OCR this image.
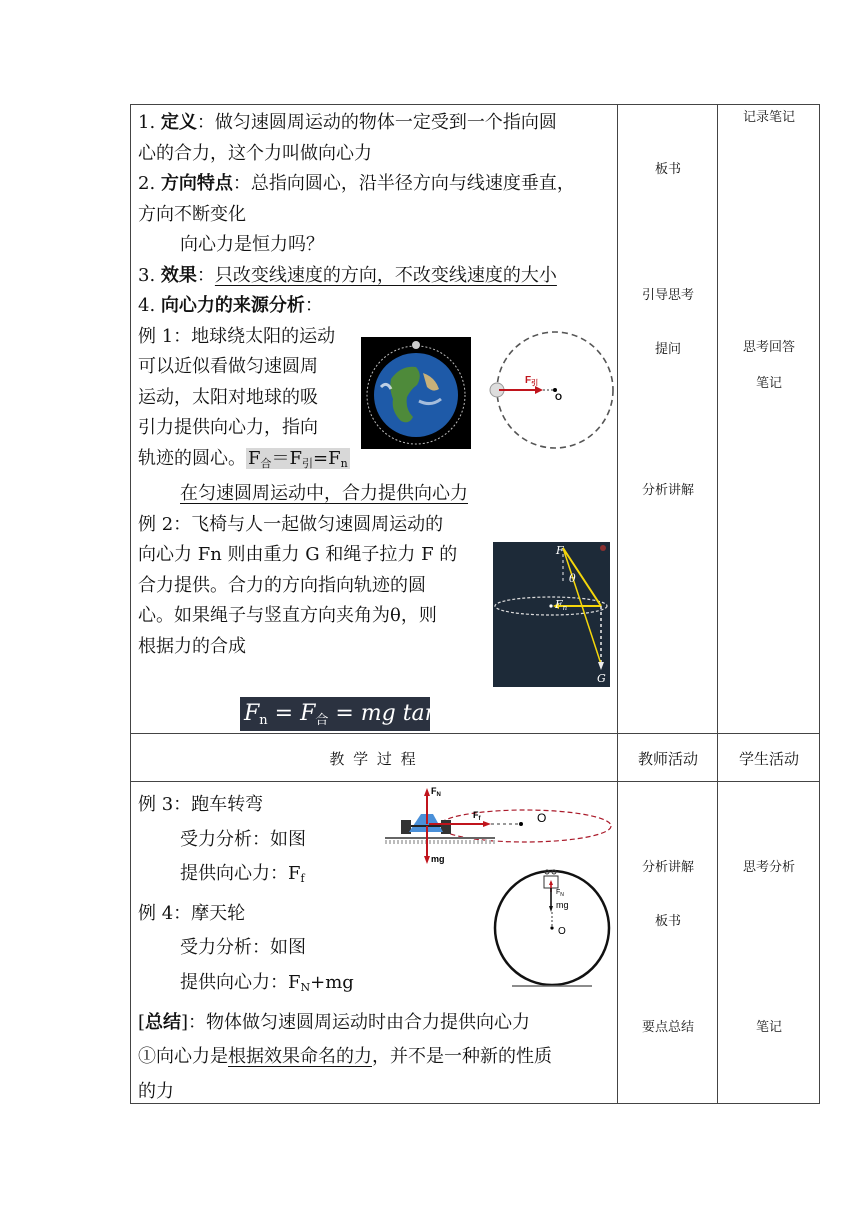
1. 定义：做匀速圆周运动的物体一定受到一个指向圆

心的合力，这个力叫做向心力

2. 方向特点：总指向圆心，沿半径方向与线速度垂直，

方向不断变化

向心力是恒力吗？

3. 效果：只改变线速度的方向，不改变线速度的大小

4. 向心力的来源分析：

例 1：地球绕太阳的运动

可以近似看做匀速圆周

运动，太阳对地球的吸

引力提供向心力，指向

轨迹的圆心。 $F_合=F_引=F_n$

在匀速圆周运动中，合力提供向心力

例 2：飞椅与人一起做匀速圆周运动的

向心力 Fn 则由重力 G 和绳子拉力 F 的

合力提供。合力的方向指向轨迹的圆

心。如果绳子与竖直方向夹角为θ，则

根据力的合成

$F_n = F_合$ = mg tan θ
$F_引$
O
F
θ
Fn
G
板书
引导思考
提问
分析讲解
记录笔记
思考回答
笔记
教 学 过 程	教师活动	学生活动

例 3：跑车转弯

受力分析：如图

提供向心力：$F_f$

例 4：摩天轮

受力分析：如图

提供向心力：$F_N+mg$

[总结]：物体做匀速圆周运动时由合力提供向心力

①向心力是根据效果命名的力，并不是一种新的性质

的力

$F_N$
$F_f$
mg
O
$F_N$
mg
O
分析讲解
板书
要点总结
思考分析
笔记
